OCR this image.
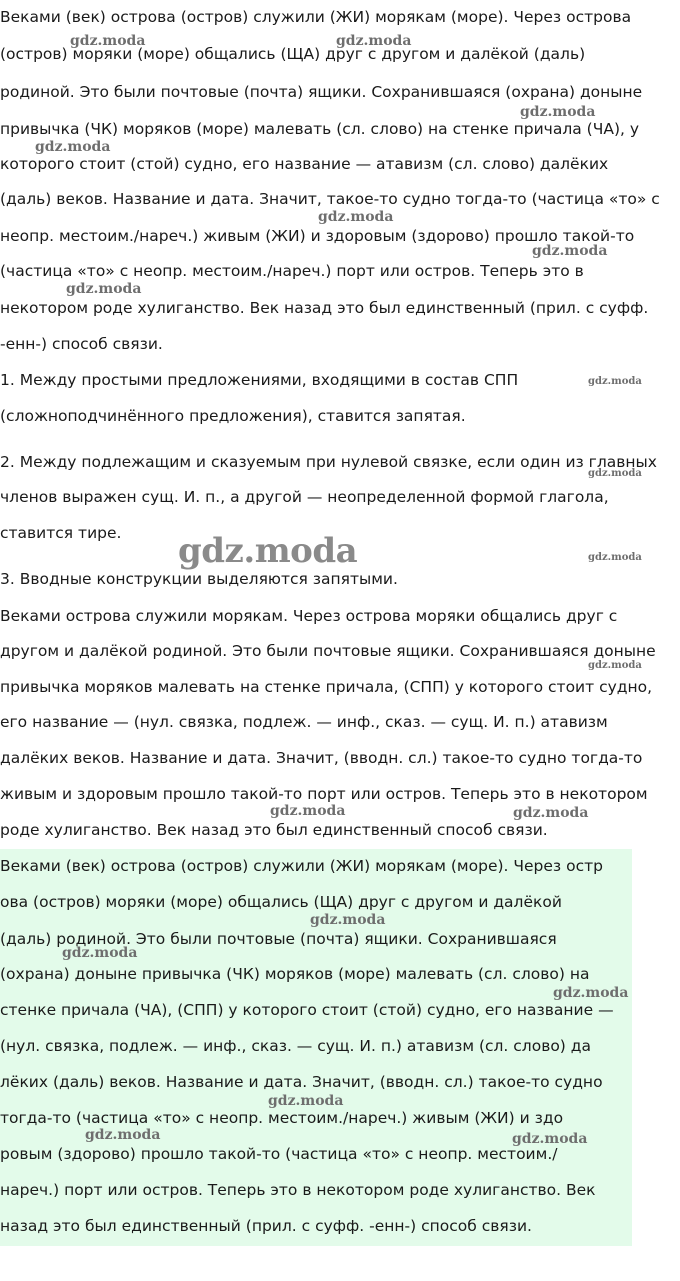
Веками (век) острова (остров) служили (ЖИ) морякам (море). Через острова
(остров) моряки (море) общались (ЩА) друг с другом и далёкой (даль)
родиной. Это были почтовые (почта) ящики. Сохранившаяся (охрана) доныне
привычка (ЧК) моряков (море) малевать (сл. слово) на стенке причала (ЧА), у
которого стоит (стой) судно, его название — атавизм (сл. слово) далёких
(даль) веков. Название и дата. Значит, такое-то судно тогда-то (частица «то» с
неопр. местоим./нареч.) живым (ЖИ) и здоровым (здорово) прошло такой-то
(частица «то» с неопр. местоим./нареч.) порт или остров. Теперь это в
некотором роде хулиганство. Век назад это был единственный (прил. с суфф.
-енн-) способ связи.
1. Между простыми предложениями, входящими в состав СПП
(сложноподчинённого предложения), ставится запятая.
2. Между подлежащим и сказуемым при нулевой связке, если один из главных
членов выражен сущ. И. п., а другой — неопределенной формой глагола,
ставится тире.
3. Вводные конструкции выделяются запятыми.
Веками острова служили морякам. Через острова моряки общались друг с
другом и далёкой родиной. Это были почтовые ящики. Сохранившаяся доныне
привычка моряков малевать на стенке причала, (СПП) у которого стоит судно,
его название — (нул. связка, подлеж. — инф., сказ. — сущ. И. п.) атавизм
далёких веков. Название и дата. Значит, (вводн. сл.) такое-то судно тогда-то
живым и здоровым прошло такой-то порт или остров. Теперь это в некотором
роде хулиганство. Век назад это был единственный способ связи.
Веками (век) острова (остров) служили (ЖИ) морякам (море). Через остр
ова (остров) моряки (море) общались (ЩА) друг с другом и далёкой
(даль) родиной. Это были почтовые (почта) ящики. Сохранившаяся
(охрана) доныне привычка (ЧК) моряков (море) малевать (сл. слово) на
стенке причала (ЧА), (СПП) у которого стоит (стой) судно, его название —
(нул. связка, подлеж. — инф., сказ. — сущ. И. п.) атавизм (сл. слово) да
лёких (даль) веков. Название и дата. Значит, (вводн. сл.) такое-то судно
тогда-то (частица «то» с неопр. местоим./нареч.) живым (ЖИ) и здо
ровым (здорово) прошло такой-то (частица «то» с неопр. местоим./
нареч.) порт или остров. Теперь это в некотором роде хулиганство. Век
назад это был единственный (прил. с суфф. -енн-) способ связи.
gdz.moda	gdz.moda
gdz.moda
gdz.moda
gdz.moda
gdz.moda
gdz.moda
gdz.moda
gdz.moda
gdz.moda	gdz.moda
gdz.moda
gdz.moda	gdz.moda
gdz.moda
gdz.moda
gdz.moda
gdz.moda
gdz.moda	gdz.moda
